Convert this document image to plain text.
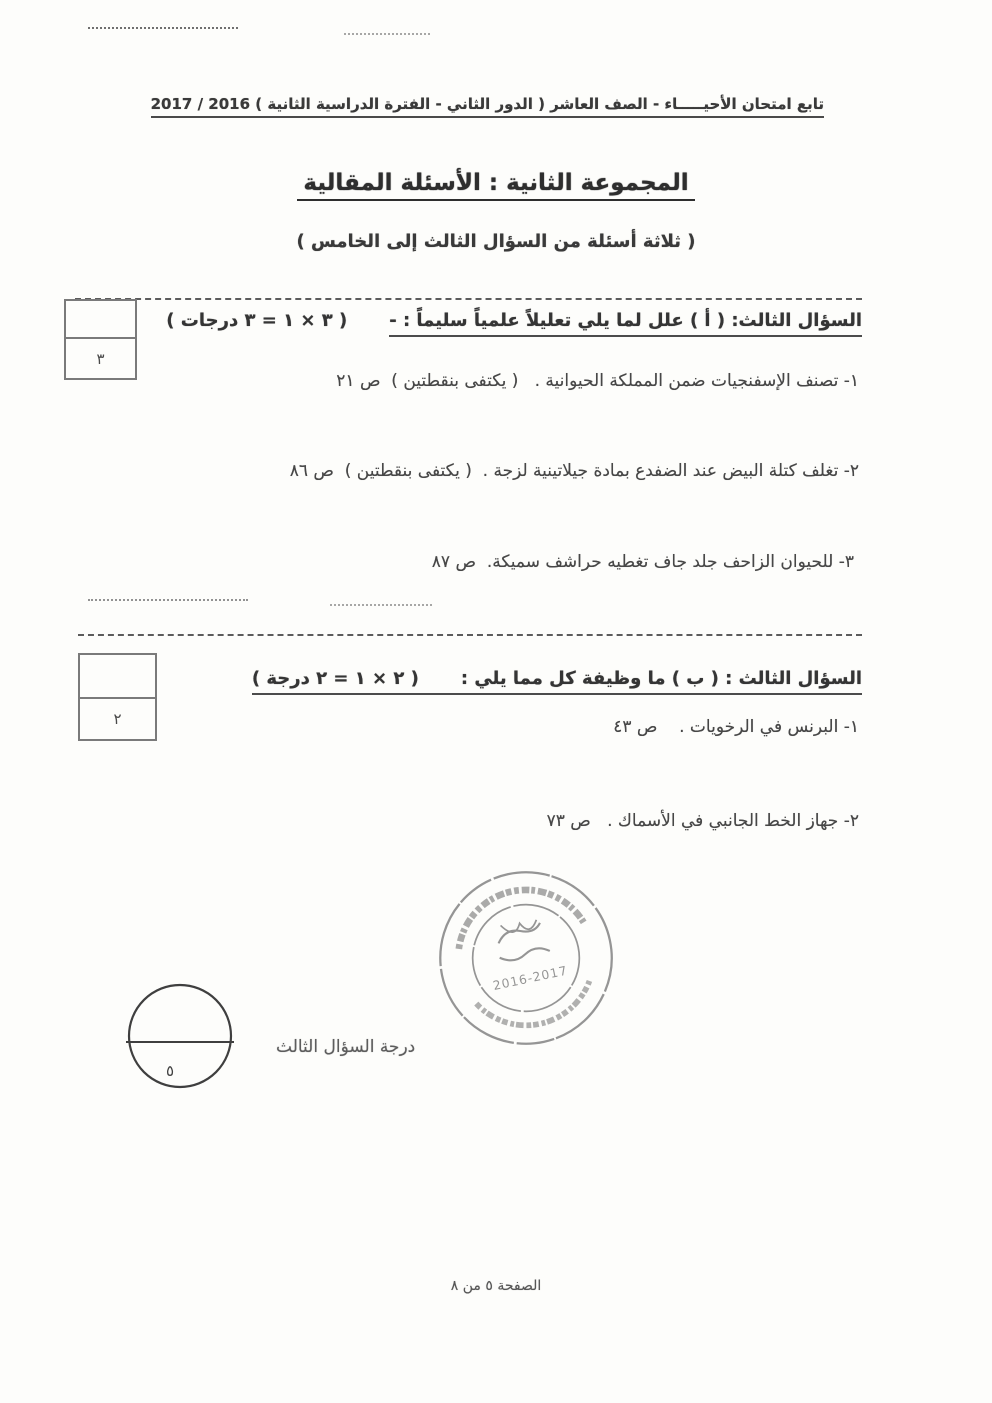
تابع امتحان الأحيـــــاء - الصف العاشر ( الدور الثاني - الفترة الدراسية الثانية ) 2016 / 2017
المجموعة الثانية : الأسئلة المقالية
( ثلاثة أسئلة من السؤال الثالث إلى الخامس )
٣
السؤال الثالث: ( أ ) علل لما يلي تعليلاً علمياً سليماً : -
( ٣ × ١ = ٣ درجات )
١- تصنف الإسفنجيات ضمن المملكة الحيوانية .   ( يكتفى بنقطتين )  ص ٢١
٢- تغلف كتلة البيض عند الضفدع بمادة جيلاتينية لزجة .  ( يكتفى بنقطتين )  ص ٨٦
٣- للحيوان الزاحف جلد جاف تغطيه حراشف سميكة.  ص ٨٧
٢
السؤال الثالث : ( ب ) ما وظيفة كل مما يلي :
( ٢ × ١ = ٢ درجة )
١- البرنس في الرخويات .    ص ٤٣
٢- جهاز الخط الجانبي في الأسماك .   ص ٧٣
2016-2017
٥
درجة السؤال الثالث
الصفحة ٥ من ٨
